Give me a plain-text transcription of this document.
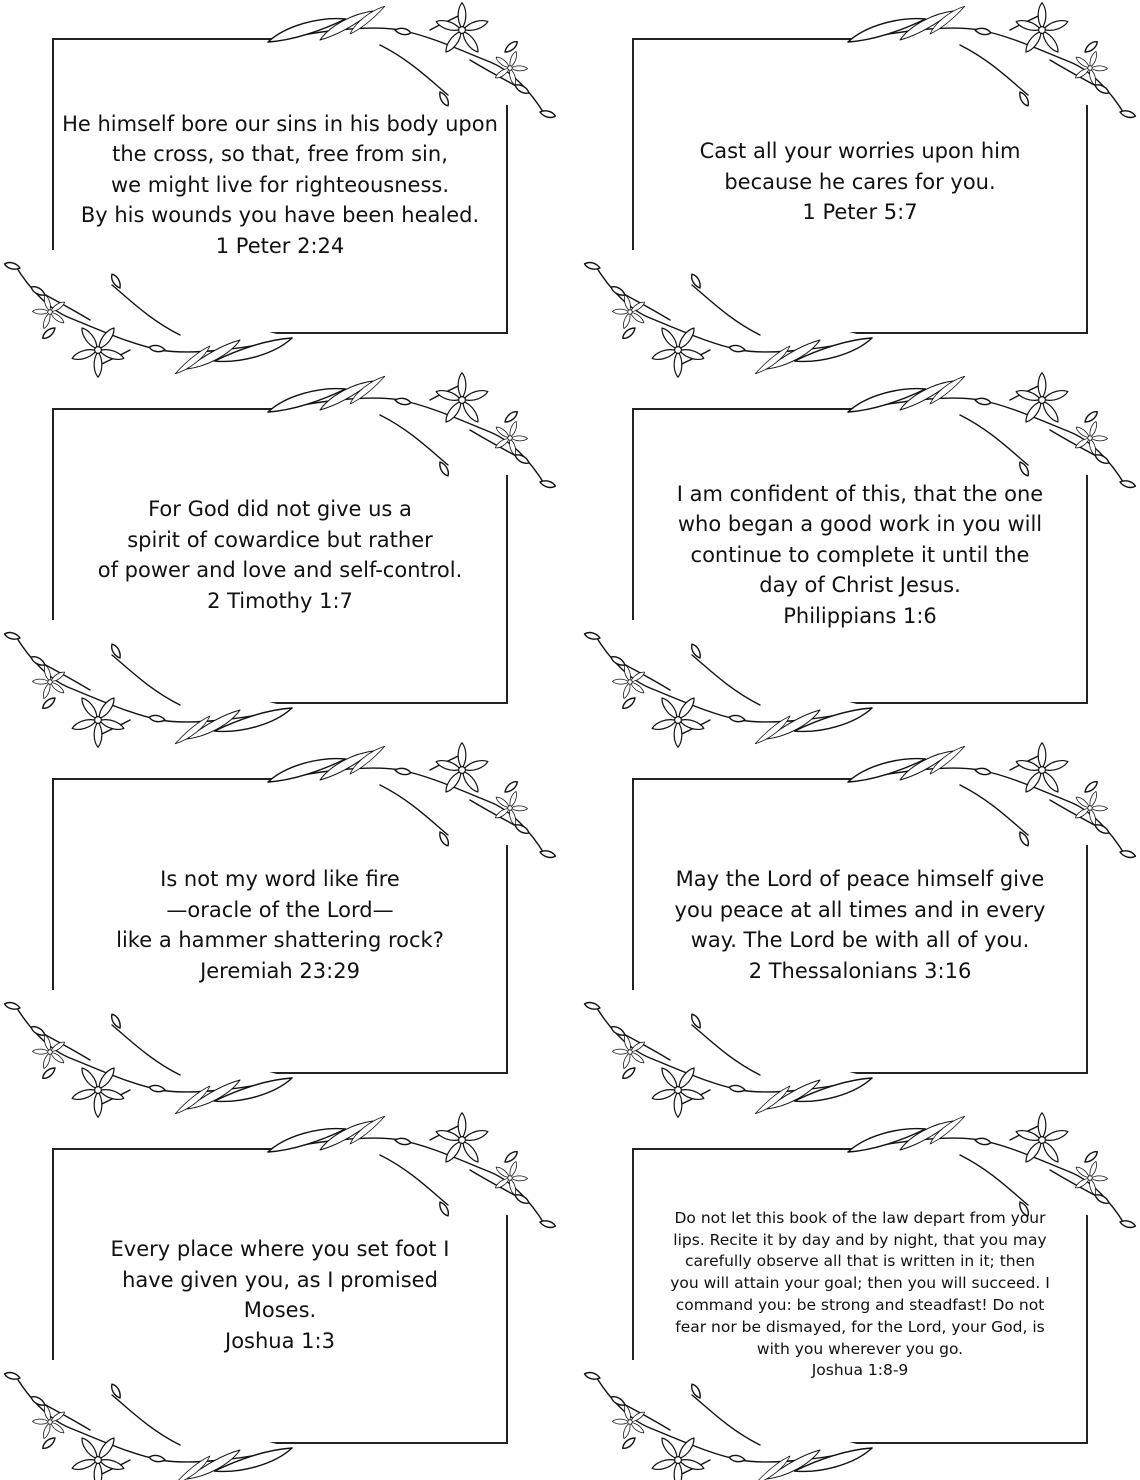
He himself bore our sins in his body upon

the cross, so that, free from sin,

we might live for righteousness.

By his wounds you have been healed.

1 Peter 2:24

Cast all your worries upon him

because he cares for you.

1 Peter 5:7

For God did not give us a

spirit of cowardice but rather

of power and love and self-control.

2 Timothy 1:7

I am confident of this, that the one

who began a good work in you will

continue to complete it until the

day of Christ Jesus.

Philippians 1:6

Is not my word like fire

—oracle of the Lord—

like a hammer shattering rock?

Jeremiah 23:29

May the Lord of peace himself give

you peace at all times and in every

way. The Lord be with all of you.

2 Thessalonians 3:16

Every place where you set foot I

have given you, as I promised

Moses.

Joshua 1:3

Do not let this book of the law depart from your

lips. Recite it by day and by night, that you may

carefully observe all that is written in it; then

you will attain your goal; then you will succeed. I

command you: be strong and steadfast! Do not

fear nor be dismayed, for the Lord, your God, is

with you wherever you go.

Joshua 1:8-9
